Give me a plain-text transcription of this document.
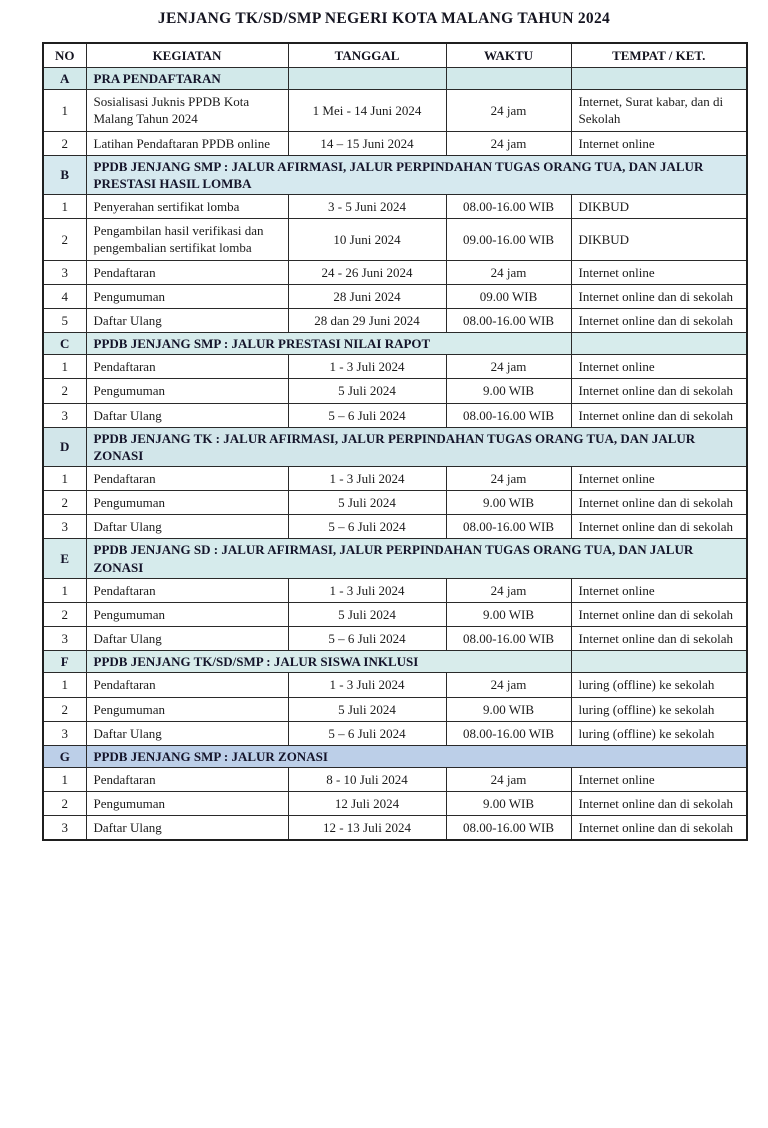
JENJANG TK/SD/SMP NEGERI KOTA MALANG TAHUN 2024
NO	KEGIATAN	TANGGAL	WAKTU	TEMPAT / KET.
A	PRA PENDAFTARAN			
1	Sosialisasi Juknis PPDB Kota Malang Tahun 2024	1 Mei - 14 Juni 2024	24 jam	Internet, Surat kabar, dan di Sekolah
2	Latihan Pendaftaran PPDB online	14 – 15 Juni 2024	24 jam	Internet online
B	PPDB JENJANG SMP : JALUR AFIRMASI, JALUR PERPINDAHAN TUGAS ORANG TUA, DAN JALUR PRESTASI HASIL LOMBA			
1	Penyerahan sertifikat lomba	3 - 5 Juni 2024	08.00-16.00 WIB	DIKBUD
2	Pengambilan hasil verifikasi dan pengembalian sertifikat lomba	10 Juni 2024	09.00-16.00 WIB	DIKBUD
3	Pendaftaran	24 - 26 Juni 2024	24 jam	Internet online
4	Pengumuman	28 Juni 2024	09.00 WIB	Internet online dan di sekolah
5	Daftar Ulang	28 dan 29 Juni 2024	08.00-16.00 WIB	Internet online dan di sekolah
C	PPDB JENJANG SMP : JALUR PRESTASI NILAI RAPOT			
1	Pendaftaran	1 - 3 Juli 2024	24 jam	Internet online
2	Pengumuman	5 Juli 2024	9.00 WIB	Internet online dan di sekolah
3	Daftar Ulang	5 – 6 Juli 2024	08.00-16.00 WIB	Internet online dan di sekolah
D	PPDB JENJANG TK : JALUR AFIRMASI, JALUR PERPINDAHAN TUGAS ORANG TUA, DAN JALUR ZONASI			
1	Pendaftaran	1 - 3 Juli 2024	24 jam	Internet online
2	Pengumuman	5 Juli 2024	9.00 WIB	Internet online dan di sekolah
3	Daftar Ulang	5 – 6 Juli 2024	08.00-16.00 WIB	Internet online dan di sekolah
E	PPDB JENJANG SD : JALUR AFIRMASI, JALUR PERPINDAHAN TUGAS ORANG TUA, DAN JALUR ZONASI			
1	Pendaftaran	1 - 3 Juli 2024	24 jam	Internet online
2	Pengumuman	5 Juli 2024	9.00 WIB	Internet online dan di sekolah
3	Daftar Ulang	5 – 6 Juli 2024	08.00-16.00 WIB	Internet online dan di sekolah
F	PPDB JENJANG TK/SD/SMP : JALUR SISWA INKLUSI			
1	Pendaftaran	1 - 3 Juli 2024	24 jam	luring (offline) ke sekolah
2	Pengumuman	5 Juli 2024	9.00 WIB	luring (offline) ke sekolah
3	Daftar Ulang	5 – 6 Juli 2024	08.00-16.00 WIB	luring (offline) ke sekolah
G	PPDB JENJANG SMP : JALUR ZONASI			
1	Pendaftaran	8 - 10 Juli 2024	24 jam	Internet online
2	Pengumuman	12 Juli 2024	9.00 WIB	Internet online dan di sekolah
3	Daftar Ulang	12 - 13 Juli 2024	08.00-16.00 WIB	Internet online dan di sekolah
